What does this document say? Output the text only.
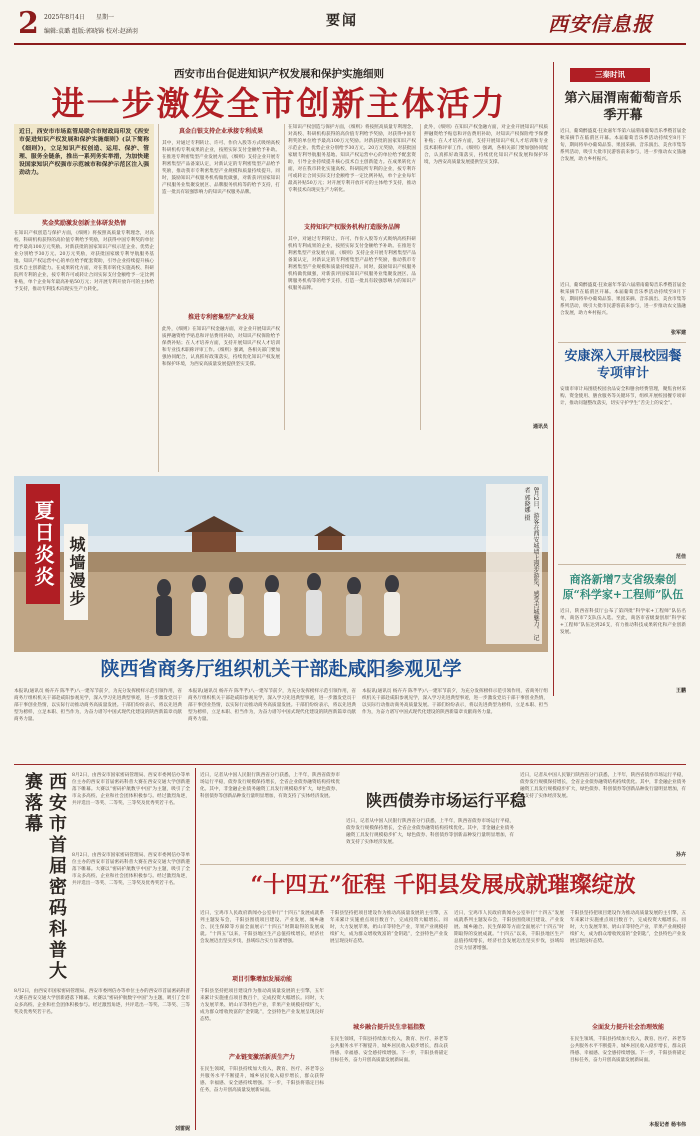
2 2025年8月4日 星期一
编辑:袁璐 组版:郭晓锦 校对:赵涵羽
要闻	西安信息报
西安市出台促进知识产权发展和保护实施细则
进一步激发全市创新主体活力
近日，西安市市场监管局联合市财政局印发《西安市促进知识产权发展和保护实施细则》(以下简称《细则》)，立足知识产权创造、运用、保护、管理、服务全链条，推出一系列务实举措，为加快建设国家知识产权强市示范城市和保护示范区注入强劲动力。
奖金奖励激发创新主体研发热情
在知识产权创造与保护方面，《细则》将按照高质量专利理念，对高校、科研机构获得的高价值专利给予奖励，对获得中国专利奖的单位给予最高100万元奖励。对新获批的国家知识产权示范企业、优势企业分别给予30万元、20万元奖励，对获批国家级专利导航服务基地、知识产权运营中心的单位给予配套资助，引导企业持续提升核心技术自主创新能力。在成果转化方面，对在我市转化实施高校、科研院所专利的企业，按专利许可或转让合同实际支付金额给予一定比例补贴，单个企业每年最高补贴50万元；对开展专利开放许可的主体给予支持，推动专利技术向现实生产力转化。
真金白银支持企业承接专利成果
其中，对通过专利转让、许可、作价入股等方式吸纳高校科研机构专利成果的企业，按照实际支付金额给予补助。在推进专利密集型产业发展方面，《细则》支持企业开展专利密集型产品备案认定，对新认定的专利密集型产品给予奖励，推动我市专利密集型产业规模和质量持续提升。同时，鼓励知识产权服务机构做优做强，对新获评国家知识产权服务业集聚发展区、品牌服务机构等的给予支持，打造一批具有较强影响力的知识产权服务品牌。
推进专利密集型产业发展
此外，《细则》在知识产权金融方面，对企业开展知识产权质押融资给予贴息和评估费用补助，对知识产权保险给予保费补贴；在人才培养方面，支持开展知识产权人才培训和专业技术职称评审工作。《细则》强调，各相关部门要加强协同配合，认真抓好政策落实，持续优化知识产权发展和保护环境，为西安高质量发展提供坚实支撑。
在知识产权创造与保护方面，《细则》将按照高质量专利理念，对高校、科研机构获得的高价值专利给予奖励，对获得中国专利奖的单位给予最高100万元奖励。对新获批的国家知识产权示范企业、优势企业分别给予30万元、20万元奖励，对获批国家级专利导航服务基地、知识产权运营中心的单位给予配套资助，引导企业持续提升核心技术自主创新能力。在成果转化方面，对在我市转化实施高校、科研院所专利的企业，按专利许可或转让合同实际支付金额给予一定比例补贴，单个企业每年最高补贴50万元；对开展专利开放许可的主体给予支持，推动专利技术向现实生产力转化。
支持知识产权服务机构打造服务品牌
其中，对通过专利转让、许可、作价入股等方式吸纳高校科研机构专利成果的企业，按照实际支付金额给予补助。在推进专利密集型产业发展方面，《细则》支持企业开展专利密集型产品备案认定，对新认定的专利密集型产品给予奖励，推动我市专利密集型产业规模和质量持续提升。同时，鼓励知识产权服务机构做优做强，对新获评国家知识产权服务业集聚发展区、品牌服务机构等的给予支持，打造一批具有较强影响力的知识产权服务品牌。
此外，《细则》在知识产权金融方面，对企业开展知识产权质押融资给予贴息和评估费用补助，对知识产权保险给予保费补贴；在人才培养方面，支持开展知识产权人才培训和专业技术职称评审工作。《细则》强调，各相关部门要加强协同配合，认真抓好政策落实，持续优化知识产权发展和保护环境，为西安高质量发展提供坚实支撑。
通讯员
三秦时讯
第六届渭南葡萄音乐季开幕
近日，葡萄醉盛夏·狂欢嘉年华第六届渭南葡萄音乐季暨首届金秋采摘节在临渭区开幕。本届葡萄音乐季活动持续至8月下旬，期间将举办葡萄品鉴、果园采摘、音乐演出、美食市集等系列活动，吸引大批市民游客前来参与，进一步推动农文旅融合发展，助力乡村振兴。
张军建
近日，葡萄醉盛夏·狂欢嘉年华第六届渭南葡萄音乐季暨首届金秋采摘节在临渭区开幕。本届葡萄音乐季活动持续至8月下旬，期间将举办葡萄品鉴、果园采摘、音乐演出、美食市集等系列活动，吸引大批市民游客前来参与，进一步推动农文旅融合发展，助力乡村振兴。
安康深入开展校园餐专项审计
安康市审计局围绕校园食品安全和膳食经费管理，聚焦食材采购、资金使用、膳食服务等关键环节，组织开展校园餐专项审计，推动问题整改落实，切实守护学生“舌尖上的安全”。
范佳
商洛新增7支省级秦创原“科学家+工程师”队伍
近日，陕西省科技厅公布了第四批“科学家+工程师”队伍名单，商洛市7支队伍入选。至此，商洛市省级秦创原“科学家+工程师”队伍达到26支，有力推动科技成果转化和产业创新发展。
王鹏
夏日炎炎 城墙漫步	8月2日，游客在西安城墙上漫步游览，感受古城魅力。 记者 郭晓娜 摄
陕西省商务厅组织机关干部赴咸阳参观见学
本报讯(通讯员 杨卉卉 陈芊芊)八一建军节前夕，为充分发挥榜样示范引领作用，省商务厅组织机关干部赴咸阳参观见学，深入学习先进典型事迹，进一步激发党员干部干事创业热情，以实际行动推动商务高质量发展。干部们纷纷表示，将以先进典型为榜样，立足本职、担当作为，为奋力谱写中国式现代化建设的陕西新篇章贡献商务力量。
本报讯(通讯员 杨卉卉 陈芊芊)八一建军节前夕，为充分发挥榜样示范引领作用，省商务厅组织机关干部赴咸阳参观见学，深入学习先进典型事迹，进一步激发党员干部干事创业热情，以实际行动推动商务高质量发展。干部们纷纷表示，将以先进典型为榜样，立足本职、担当作为，为奋力谱写中国式现代化建设的陕西新篇章贡献商务力量。
本报讯(通讯员 杨卉卉 陈芊芊)八一建军节前夕，为充分发挥榜样示范引领作用，省商务厅组织机关干部赴咸阳参观见学，深入学习先进典型事迹，进一步激发党员干部干事创业热情，以实际行动推动商务高质量发展。干部们纷纷表示，将以先进典型为榜样，立足本职、担当作为，为奋力谱写中国式现代化建设的陕西新篇章贡献商务力量。
西安市首届密码科普大赛落幕	8月2日，由西安市国家密码管理局、西安市委网信办等单位主办的西安市首届密码科普大赛在西安交通大学创新港落下帷幕。大赛以“密码护航数字中国”为主题，吸引了全市众多高校、企业和社会团体积极参与。经过激烈角逐，共评选出一等奖、二等奖、三等奖及优秀奖若干名。
8月2日，由西安市国家密码管理局、西安市委网信办等单位主办的西安市首届密码科普大赛在西安交通大学创新港落下帷幕。大赛以“密码护航数字中国”为主题，吸引了全市众多高校、企业和社会团体积极参与。经过激烈角逐，共评选出一等奖、二等奖、三等奖及优秀奖若干名。
8月2日，由西安市国家密码管理局、西安市委网信办等单位主办的西安市首届密码科普大赛在西安交通大学创新港落下帷幕。大赛以“密码护航数字中国”为主题，吸引了全市众多高校、企业和社会团体积极参与。经过激烈角逐，共评选出一等奖、二等奖、三等奖及优秀奖若干名。
刘雷妮
近日，记者从中国人民银行陕西省分行获悉，上半年，陕西省债券市场运行平稳，债券发行规模保持增长，全省企业债券融资结构持续优化。其中，非金融企业债务融资工具发行规模稳步扩大，绿色债券、科创债券等创新品种发行量明显增加，有效支持了实体经济发展。	陕西债券市场运行平稳
近日，记者从中国人民银行陕西省分行获悉，上半年，陕西省债券市场运行平稳，债券发行规模保持增长，全省企业债券融资结构持续优化。其中，非金融企业债务融资工具发行规模稳步扩大，绿色债券、科创债券等创新品种发行量明显增加，有效支持了实体经济发展。
近日，记者从中国人民银行陕西省分行获悉，上半年，陕西省债券市场运行平稳，债券发行规模保持增长，全省企业债券融资结构持续优化。其中，非金融企业债务融资工具发行规模稳步扩大，绿色债券、科创债券等创新品种发行量明显增加，有效支持了实体经济发展。
孙卉
“十四五”征程 千阳县发展成就璀璨绽放
近日，宝鸡市人民政府新闻办公室举行“十四五”发展成就系列主题发布会，千阳县围绕项目建设、产业发展、城乡融合、民生保障等方面全面展示“十四五”时期取得的发展成就。“十四五”以来，千阳县地区生产总值持续增长，经济社会发展迈出坚实步伐，县域综合实力显著增强。
项目引擎增加发展动能
千阳县坚持把项目建设作为推动高质量发展的主引擎，五年来累计实施重点项目数百个，完成投资大幅增长。同时，大力发展苹果、奶山羊等特色产业，苹果产业规模持续扩大，成为群众增收致富的“金钥匙”，全县特色产业发展呈现良好态势。
产业链变激活新质生产力
在民生领域，千阳县持续加大投入，教育、医疗、养老等公共服务水平不断提升，城乡居民收入稳步增长，群众获得感、幸福感、安全感持续增强。下一步，千阳县将锚定目标任务，奋力开创高质量发展新局面。
千阳县坚持把项目建设作为推动高质量发展的主引擎，五年来累计实施重点项目数百个，完成投资大幅增长。同时，大力发展苹果、奶山羊等特色产业，苹果产业规模持续扩大，成为群众增收致富的“金钥匙”，全县特色产业发展呈现良好态势。
城乡融合提升民生幸福指数
在民生领域，千阳县持续加大投入，教育、医疗、养老等公共服务水平不断提升，城乡居民收入稳步增长，群众获得感、幸福感、安全感持续增强。下一步，千阳县将锚定目标任务，奋力开创高质量发展新局面。
近日，宝鸡市人民政府新闻办公室举行“十四五”发展成就系列主题发布会，千阳县围绕项目建设、产业发展、城乡融合、民生保障等方面全面展示“十四五”时期取得的发展成就。“十四五”以来，千阳县地区生产总值持续增长，经济社会发展迈出坚实步伐，县域综合实力显著增强。
千阳县坚持把项目建设作为推动高质量发展的主引擎，五年来累计实施重点项目数百个，完成投资大幅增长。同时，大力发展苹果、奶山羊等特色产业，苹果产业规模持续扩大，成为群众增收致富的“金钥匙”，全县特色产业发展呈现良好态势。
全面发力提升社会治理效能
在民生领域，千阳县持续加大投入，教育、医疗、养老等公共服务水平不断提升，城乡居民收入稳步增长，群众获得感、幸福感、安全感持续增强。下一步，千阳县将锚定目标任务，奋力开创高质量发展新局面。
本报记者 杨韦伟
